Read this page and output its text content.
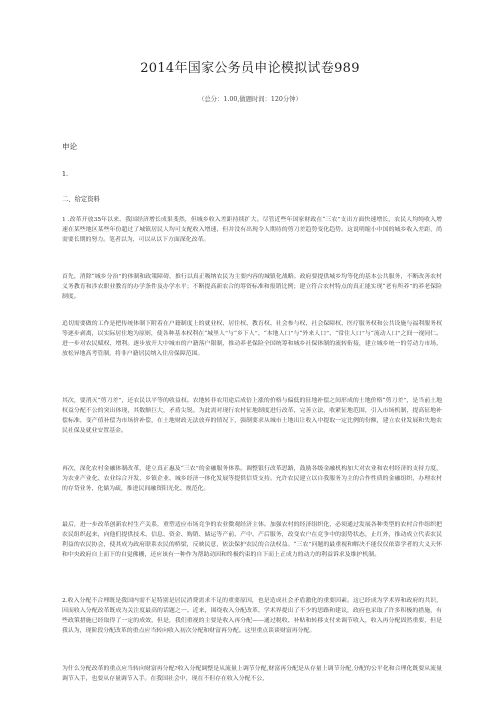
2014年国家公务员申论模拟试卷989
（总分：1.00,做题时间：120分钟）
申论
1.
二、给定资料
1 .改革开放35年以来，我国经济增长成果斐然，但城乡收入差距持续扩大。尽管近些年国家财政在“三农”支出方面快速增长，农民人均纯收入增速在某些地区某些年份超过了城镇居民人均可支配收入增速，但并没有出现令人期待的剪刀差趋势变化趋势。这说明缩小中国的城乡收入差距，尚需要长期的努力。笔者以为，可以从以下方面深化改革。
首先，消除“城乡分治”的体制和政策障碍，推行以真正吸纳农民为主要内容的城镇化战略。政府要提供城乡均等化的基本公共服务，不断改善农村义务教育和涉农职业教育的办学条件及办学水平；不断提高新农合的筹资标准和报销比例；建立符合农村特点的真正能实现“老有所养”的养老保险制度。
追切需要做的工作是把传统体制下附着在户籍制度上的就业权、居住权、教育权、社会参与权、社会保障权、医疗服务权和公共设施与福利服务权等逐步剥离，以实际居住地为原则，使各种基本权利在“城里人”与“乡下人”、“本地人口”与“外来人口”、“常住人口”与“流动人口”之间一视同仁。进一步对农民赋权、增利。逐步放开大中城市的户籍落户限制，推动养老保险全国统筹和城乡社保体制的流转衔接，建立城乡统一的劳动力市场，放松异地高考管制，将非户籍居民纳入住房保障范围。
其次，要消灭“剪刀差”，还农民以平等的收益权。农地转非农用途后成倍上涨的价格与偏低的征地补偿之间形成的土地价格“剪刀差”，是当前土地权益分配不公的突出体现，其数额巨大，矛盾尖锐。为此需对现行农村征地制度进行改革，完善立法，收紧征地范围，引入市场机制，提高征地补偿标准，变产值补偿为市场价补偿，在土地财政无法放弃的情况下，强制要求从城市土地出让收入中提取一定比例的份额，建立农业发展和失地农民社保及就业安置基金。
再次，深化农村金融体制改革，建立真正惠及“三农”的金融服务体系。调整银行改革思路，鼓励各级金融机构加大对农业和农村经济的支持力度，为农业产业化、农业综合开发、乡镇企业、城乡经济一体化发展等提供信贷支持。允许农民建立以自我服务为主的合作性质的金融组织，办理农村的存贷业务，化储为疏，推进民间融资阳光化、规范化。
最后，进一步改革创新农村生产关系，重塑适应市场竞争的农业微观经济主体。加强农村的经济组织化，必须通过发展各种类型的农村合作组织把农民组织起来，向他们提供技术、信息、资金、购销、储运等产前、产中、产后服务，改变农户在竞争中的弱势状态，止红外，推动成立代表农民利益的农民协会，使其成为政府联系农民的桥梁，反映民意，依法保护农民的合法权益。“三农”问题的最重视和解决不能仅仅依靠学者的大义天怀和中央政府自上而下的自觉佛栅，还应该有一种作为帮助动因和终极约束的自下而上正成力的动力的利益诉求及维护机制。
2.收入分配不合理既是我国内需不足特别是居民消费需求不足的重要原因，也是造成社会矛盾激化的重要因素。这已经成为学术界和政府的共识，因而收入分配改革既成为关注度最高的话题之一。近来，围绕收入分配改革，学术界提出了不少的思路和建议，政府也采取了许多积极的措施，有些政策措施已经取得了一定的成效，但是，我们重视的主要是收入再分配——通过税收、补贴和转移支付来调节收入，收入再分配固然重要，但是我认为，现阶段分配改革的重点应当转向收入初次分配和财富再分配。这里重点谈谈财富再分配。
为什么分配改革的重点应当转向财富再分配?收入分配调整是从流量上调节分配,财富再分配是从存量上调节分配,分配的公平化和合理化既要从流量调节入手，也要从存量调节入手。在我国社会中，现在不但存在收入分配不公，
